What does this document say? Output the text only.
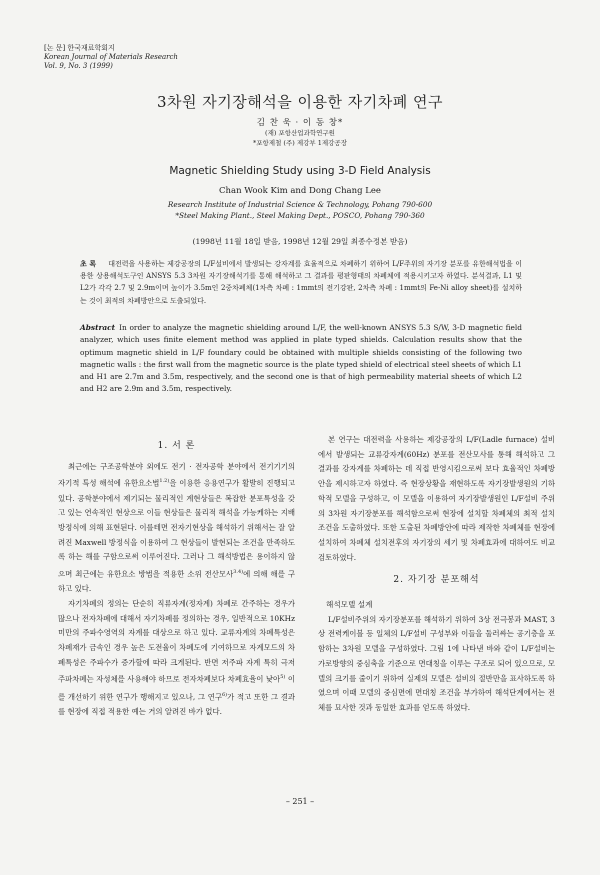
[논 문] 한국재료학회지
Korean Journal of Materials Research
Vol. 9, No. 3 (1999)
3차원 자기장해석을 이용한 자기차폐 연구
김 찬 욱 · 이 동 창*
(재) 포항산업과학연구원
*포항제철 (주) 제강부 1제강공장
Magnetic Shielding Study using 3-D Field Analysis
Chan Wook Kim and Dong Chang Lee
Research Institute of Industrial Science & Technology, Pohang 790-600
*Steel Making Plant., Steel Making Dept., POSCO, Pohang 790-360
(1998년 11월 18일 받음, 1998년 12월 29일 최종수정본 받음)
초 록 대전력을 사용하는 제강공장의 L/F설비에서 발생되는 강자계를 효율적으로 차폐하기 위하여 L/F주위의 자기장 분포를 유한해석법을 이용한 상용해석도구인 ANSYS 5.3 3차원 자기장해석기를 통해 해석하고 그 결과를 평판형태의 차폐체에 적용시키고자 하였다. 분석결과, L1 및 L2가 각각 2.7 및 2.9m이며 높이가 3.5m인 2중차폐체(1차측 차폐 : 1mmt의 전기강판, 2차측 차폐 : 1mmt의 Fe-Ni alloy sheet)를 설치하는 것이 최적의 차폐방안으로 도출되었다.
Abstract In order to analyze the magnetic shielding around L/F, the well-known ANSYS 5.3 S/W, 3-D magnetic field analyzer, which uses finite element method was applied in plate typed shields. Calculation results show that the optimum magnetic shield in L/F foundary could be obtained with multiple shields consisting of the following two magnetic walls : the first wall from the magnetic source is the plate typed shield of electrical steel sheets of which L1 and H1 are 2.7m and 3.5m, respectively, and the second one is that of high permeability material sheets of which L2 and H2 are 2.9m and 3.5m, respectively.
1. 서 론

최근에는 구조공학분야 외에도 전기 · 전자공학 분야에서 전기기기의 자기적 특성 해석에 유한요소법$^{1.2)}$을 이용한 응용연구가 활발히 진행되고 있다. 공학분야에서 제기되는 물리적인 계현상들은 복잡한 분포특성을 갖고 있는 연속적인 현상으로 이들 현상들은 물리적 해석을 가능케하는 지배방정식에 의해 표현된다. 이를테면 전자기현상을 해석하기 위해서는 잘 알려진 Maxwell 방정식을 이용하여 그 현상들이 발현되는 조건을 만족하도록 하는 해를 구함으로써 이루어진다. 그러나 그 해석방법은 용이하지 않으며 최근에는 유한요소 방법을 적용한 소위 전산모사$^{3.4)}$에 의해 해를 구하고 있다.

자기차폐의 정의는 단순히 직류자계(정자계) 차폐로 간주하는 경우가 많으나 전자차폐에 대해서 자기차폐를 정의하는 경우, 일반적으로 10KHz 미만의 주파수영역의 자계를 대상으로 하고 있다. 교류자계의 차폐특성은 차폐재가 금속인 경우 높은 도전율이 차폐도에 기여하므로 자계모드의 차폐특성은 주파수가 증가할에 따라 크게된다. 반면 저주파 자계 특히 극저주파차폐는 자성체를 사용해야 하므로 전자차폐보다 차폐효율이 낮아$^{5)}$ 이를 개선하기 위한 연구가 행해지고 있으나, 그 연구$^{6)}$가 적고 또한 그 결과를 현장에 직접 적용한 예는 거의 알려진 바가 없다.

본 연구는 대전력을 사용하는 제강공장의 L/F(Ladle furnace) 설비에서 발생되는 교류강자계(60Hz) 분포를 전산모사를 통해 해석하고 그 결과를 강자계를 차폐하는 데 직접 반영시킴으로써 보다 효율적인 차폐방안을 제시하고자 하였다. 즉 현장상황을 재현하도록 자기장발생원의 기하학적 모델을 구성하고, 이 모델을 이용하여 자기장발생원인 L/F설비 주위의 3차원 자기장분포를 해석함으로써 현장에 설치할 차폐체의 최적 설치조건을 도출하였다. 또한 도출된 차폐방안에 따라 제작한 차폐체를 현장에 설치하여 차폐체 설치전후의 자기장의 세기 및 차폐효과에 대하여도 비교 검토하였다.

2. 자기장 분포해석
해석모델 설계

L/F설비주위의 자기장분포를 해석하기 위하여 3상 전극봉과 MAST, 3상 전력케이블 등 일체의 L/F설비 구성부와 이들을 둘러싸는 공기층을 포함하는 3차원 모델을 구성하였다. 그림 1에 나타낸 바와 같이 L/F설비는 가로방향의 중심축을 기준으로 면대칭을 이루는 구조로 되어 있으므로, 모델의 크기를 줄이기 위하여 실제의 모델은 설비의 절반만을 표사하도록 하였으며 이때 모델의 중심면에 면대칭 조건을 부가하여 해석단계에서는 전체를 묘사한 것과 동일한 효과를 얻도록 하였다.

– 251 –
